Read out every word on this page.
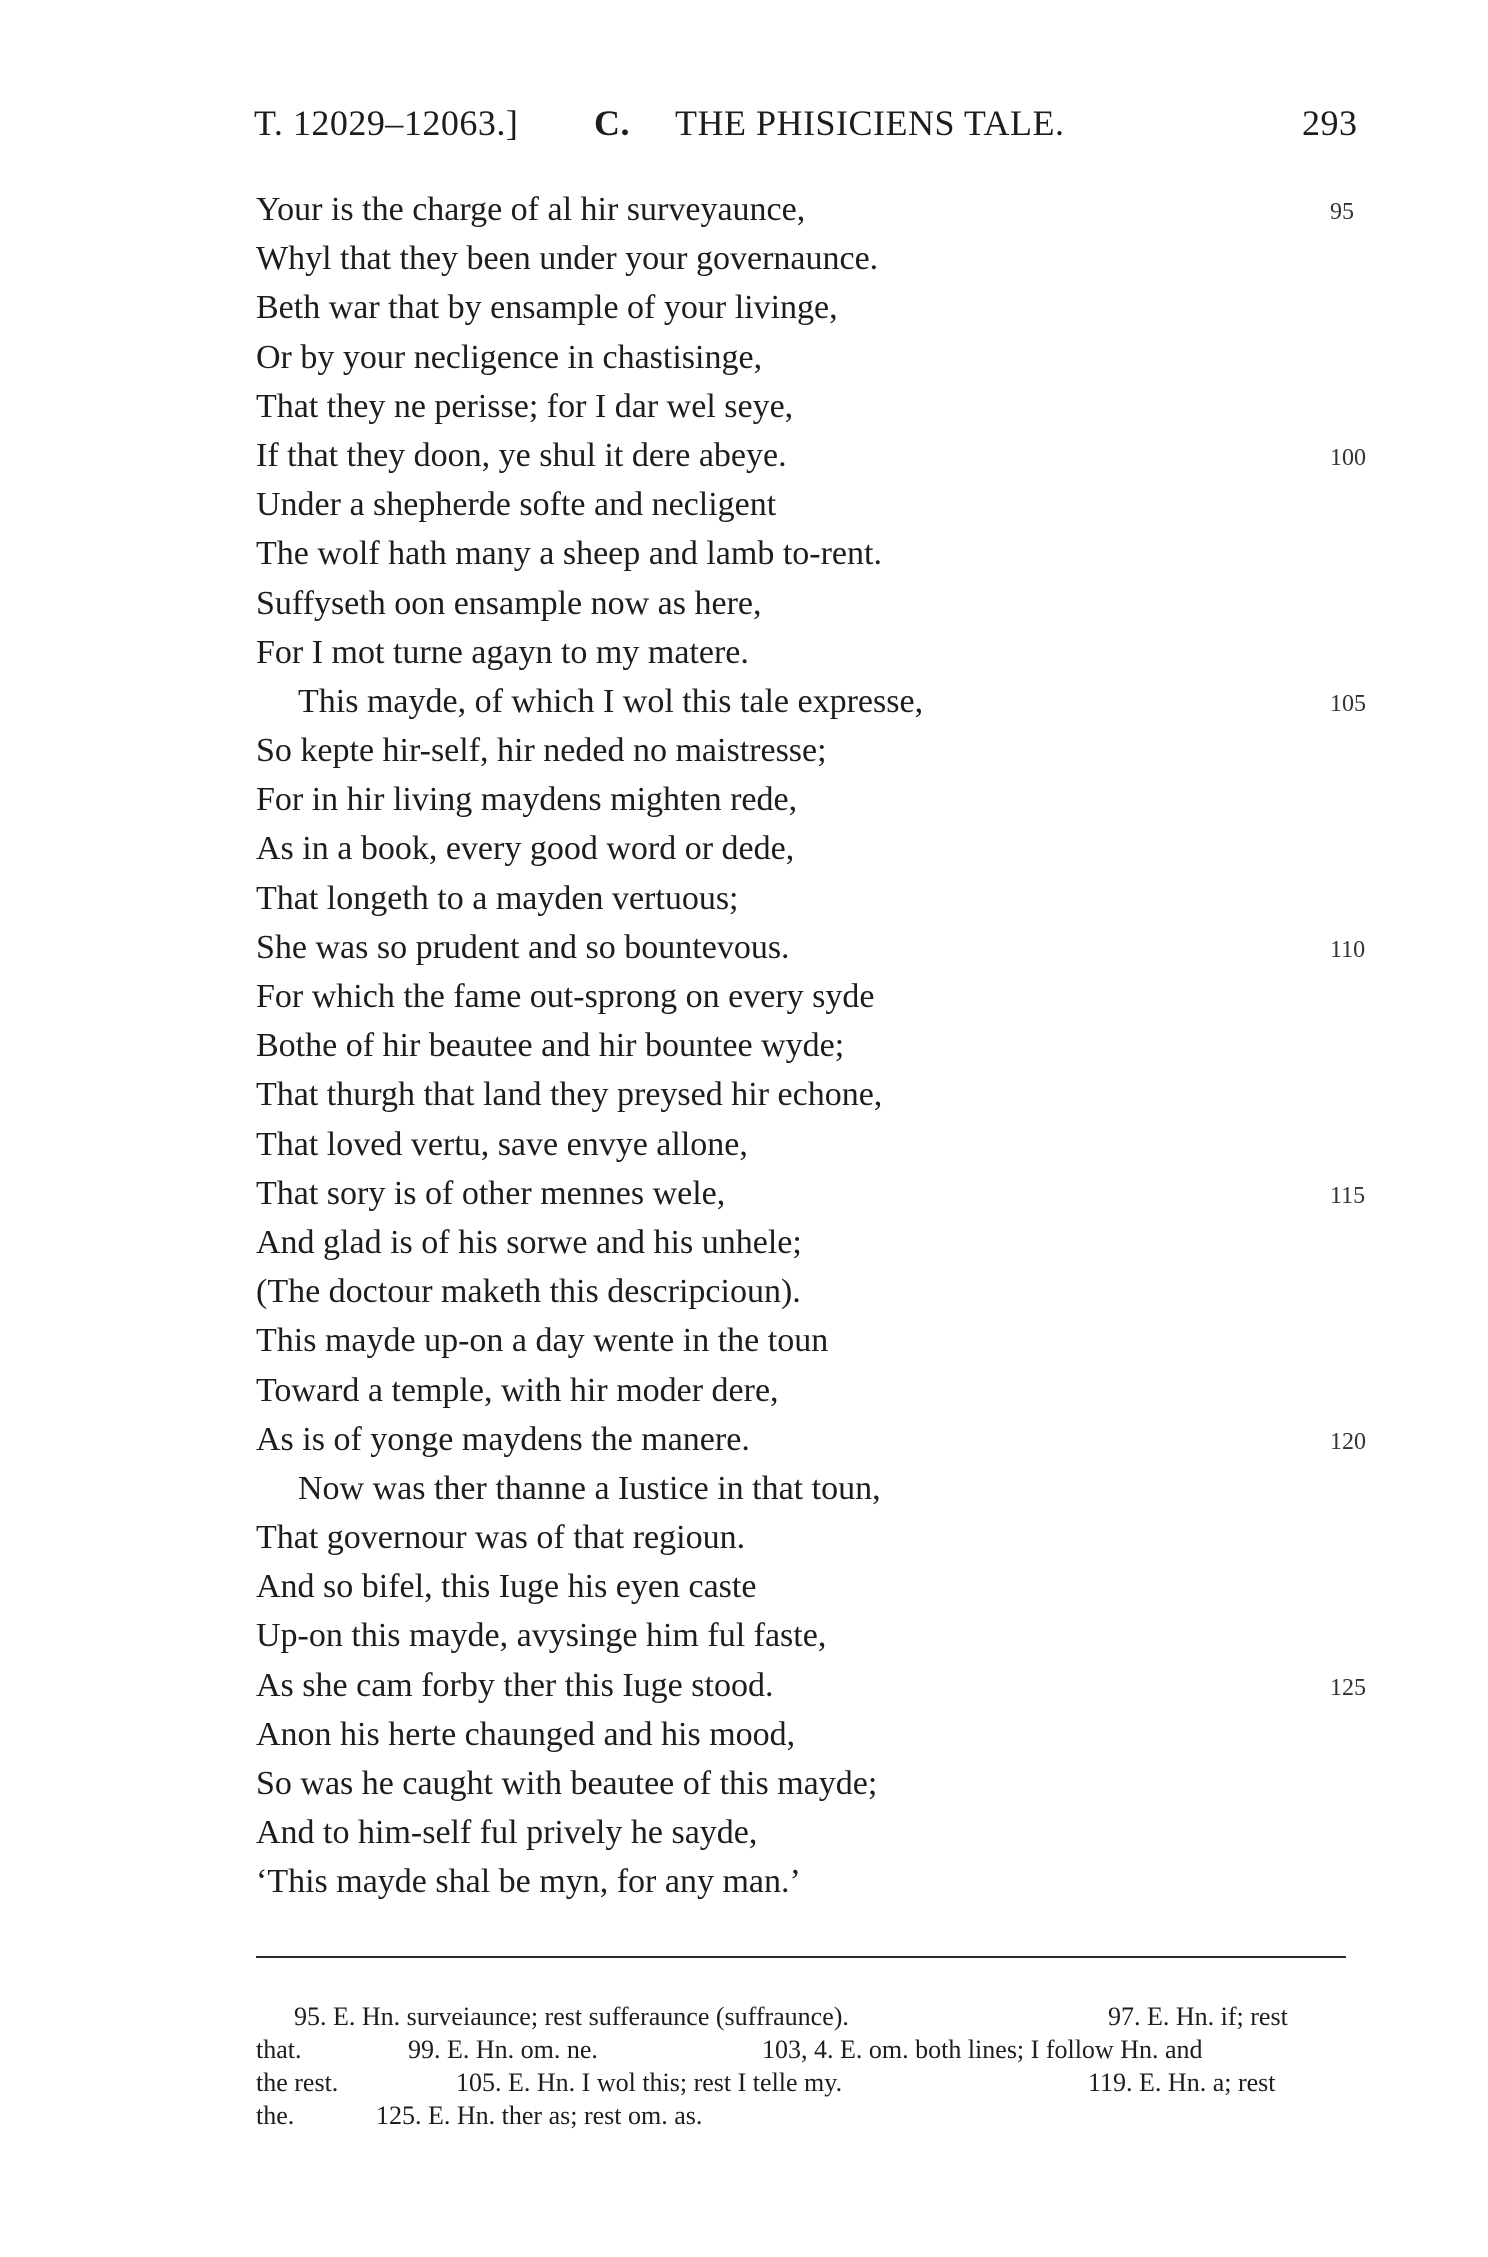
T. 12029–12063.] C. THE PHISICIENS TALE.	293
Your is the charge of al hir surveyaunce,	95
Whyl that they been under your governaunce.
Beth war that by ensample of your livinge,
Or by your necligence in chastisinge,
That they ne perisse; for I dar wel seye,
If that they doon, ye shul it dere abeye.	100
Under a shepherde softe and necligent
The wolf hath many a sheep and lamb to-rent.
Suffyseth oon ensample now as here,
For I mot turne agayn to my matere.
This mayde, of which I wol this tale expresse,	105
So kepte hir-self, hir neded no maistresse;
For in hir living maydens mighten rede,
As in a book, every good word or dede,
That longeth to a mayden vertuous;
She was so prudent and so bountevous.	110
For which the fame out-sprong on every syde
Bothe of hir beautee and hir bountee wyde;
That thurgh that land they preysed hir echone,
That loved vertu, save envye allone,
That sory is of other mennes wele,	115
And glad is of his sorwe and his unhele;
(The doctour maketh this descripcioun).
This mayde up-on a day wente in the toun
Toward a temple, with hir moder dere,
As is of yonge maydens the manere.	120
Now was ther thanne a Iustice in that toun,
That governour was of that regioun.
And so bifel, this Iuge his eyen caste
Up-on this mayde, avysinge him ful faste,
As she cam forby ther this Iuge stood.	125
Anon his herte chaunged and his mood,
So was he caught with beautee of this mayde;
And to him-self ful prively he sayde,
‘This mayde shal be myn, for any man.’
95. E. Hn. surveiaunce; rest sufferaunce (suffraunce).	97. E. Hn. if; rest
that.	99. E. Hn. om. ne.	103, 4. E. om. both lines; I follow Hn. and
the rest.	105. E. Hn. I wol this; rest I telle my.	119. E. Hn. a; rest
the.	125. E. Hn. ther as; rest om. as.
